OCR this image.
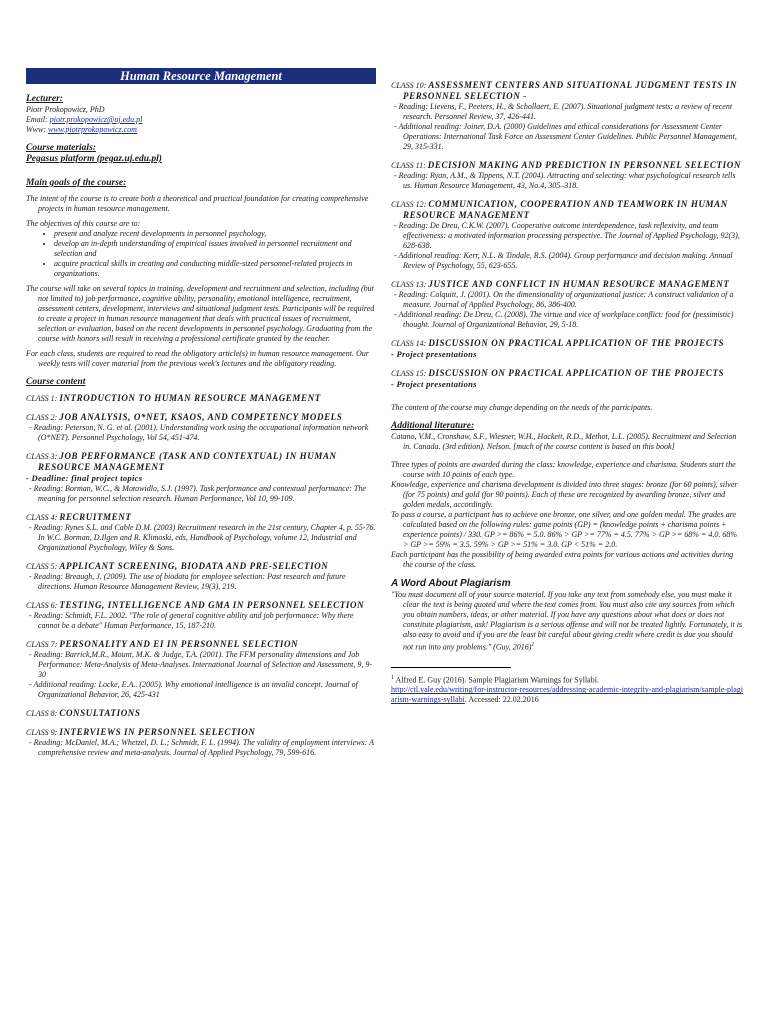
Human Resource Management
Lecturer:
Piotr Prokopowicz, PhD
Email: piotr.prokopowicz@uj.edu.pl
Www: www.piotrprokopowicz.com
Course materials:
Pegasus platform (pegaz.uj.edu.pl)
Main goals of the course:

The intent of the course is to create both a theoretical and practical foundation for creating comprehensive projects in human resource management.

The objectives of this course are to:

• present and analyze recent developments in personnel psychology,
• develop an in-depth understanding of empirical issues involved in personnel recruitment and selection and
• acquire practical skills in creating and conducting middle-sized personnel-related projects in organizations.

The course will take on several topics in training, development and recruitment and selection, including (but not limited to) job performance, cognitive ability, personality, emotional intelligence, recruitment, assessment centers, development, interviews and situational judgment tests. Participants will be required to create a project in human resource management that deals with practical issues of recruitment, selection or evaluation, based on the recent developments in personnel psychology. Graduating from the course with honors will result in receiving a professional certificate granted by the teacher.

For each class, students are required to read the obligatory article(s) in human resource management. Our weekly tests will cover material from the previous week's lectures and the obligatory reading.

Course content
CLASS 1: INTRODUCTION TO HUMAN RESOURCE MANAGEMENT
CLASS 2: JOB ANALYSIS, O*NET, KSAOS, AND COMPETENCY MODELS
- Reading: Peterson, N. G. et al. (2001). Understanding work using the occupational information network (O*NET). Personnel Psychology, Vol 54, 451-474.
CLASS 3: JOB PERFORMANCE (TASK AND CONTEXTUAL) IN HUMAN RESOURCE MANAGEMENT
- Deadline: final project topics
- Reading: Borman, W.C., & Motowidlo, S.J. (1997). Task performance and contextual performance: The meaning for personnel selection research. Human Performance, Vol 10, 99-109.
CLASS 4: RECRUITMENT
- Reading: Rynes S.L. and Cable D.M. (2003) Recruitment research in the 21st century, Chapter 4, p. 55-76. In W.C. Borman, D.Ilgen and R. Klimoski, eds, Handbook of Psychology, volume 12, Industrial and Organizational Psychology, Wiley & Sons.
CLASS 5: APPLICANT SCREENING, BIODATA AND PRE-SELECTION
- Reading: Breaugh, J. (2009). The use of biodata for employee selection: Past research and future directions. Human Resource Management Review, 19(3), 219.
CLASS 6: TESTING, INTELLIGENCE AND GMA IN PERSONNEL SELECTION
- Reading: Schmidt, F.L. 2002. "The role of general cognitive ability and job performance: Why there cannot be a debate" Human Performance, 15, 187-210.
CLASS 7: PERSONALITY AND EI IN PERSONNEL SELECTION
- Reading: Barrick,M.R., Mount, M.K. & Judge, T.A. (2001). The FFM personality dimensions and Job Performance: Meta-Analysis of Meta-Analyses. International Journal of Selection and Assessment, 9, 9-30
- Additional reading: Locke, E.A.. (2005). Why emotional intelligence is an invalid concept. Journal of Organizational Behavior, 26, 425-431
CLASS 8: CONSULTATIONS
CLASS 9: INTERVIEWS IN PERSONNEL SELECTION
- Reading: McDaniel, M.A.; Whetzel, D. L.; Schmidt, F. L. (1994). The validity of employment interviews: A comprehensive review and meta-analysis. Journal of Applied Psychology, 79, 599-616.
CLASS 10: ASSESSMENT CENTERS AND SITUATIONAL JUDGMENT TESTS IN PERSONNEL SELECTION -
- Reading: Lievens, F., Peeters, H., & Schollaert, E. (2007). Situational judgment tests: a review of recent research. Personnel Review, 37, 426-441.
- Additional reading: Joiner, D.A. (2000) Guidelines and ethical considerations for Assessment Center Operations: International Task Force on Assessment Center Guidelines. Public Personnel Management, 29, 315-331.
CLASS 11: DECISION MAKING AND PREDICTION IN PERSONNEL SELECTION
- Reading: Ryan, A.M., & Tippens, N.T. (2004). Attracting and selecting: what psychological research tells us. Human Resource Management, 43, No.4, 305–318.
CLASS 12: COMMUNICATION, COOPERATION AND TEAMWORK IN HUMAN RESOURCE MANAGEMENT
- Reading: De Dreu, C.K.W. (2007). Cooperative outcome interdependence, task reflexivity, and team effectiveness: a motivated information processing perspective. The Journal of Applied Psychology, 92(3), 628-638.
- Additional reading: Kerr, N.L. & Tindale, R.S. (2004). Group performance and decision making. Annual Review of Psychology, 55, 623-655.
CLASS 13: JUSTICE AND CONFLICT IN HUMAN RESOURCE MANAGEMENT
- Reading: Colquitt, J. (2001). On the dimensionality of organizational justice: A construct validation of a measure. Journal of Applied Psychology, 86, 386-400.
- Additional reading: De Dreu, C. (2008). The virtue and vice of workplace conflict: food for (pessimistic) thought. Journal of Organizational Behavior, 29, 5-18.
CLASS 14: DISCUSSION ON PRACTICAL APPLICATION OF THE PROJECTS
- Project presentations
CLASS 15: DISCUSSION ON PRACTICAL APPLICATION OF THE PROJECTS
- Project presentations

The content of the course may change depending on the needs of the participants.

Additional literature:

Catano, V.M., Cronshaw, S.F., Wiesner, W.H., Hackett, R.D., Methot, L.L. (2005). Recruitment and Selection in. Canada. (3rd edition). Nelson. [much of the course content is based on this book]

Three types of points are awarded during the class: knowledge, experience and charisma. Students start the course with 10 points of each type.

Knowledge, experience and charisma development is divided into three stages: bronze (for 60 points), silver (for 75 points) and gold (for 90 points). Each of these are recognized by awarding bronze, silver and golden medals, accordingly.

To pass a course, a participant has to achieve one bronze, one silver, and one golden medal. The grades are calculated based on the following rules: game points (GP) = (knowledge points + charisma points + experience points) / 330. GP >= 86% = 5.0. 86% > GP >= 77% = 4.5. 77% > GP >= 68% = 4.0. 68% > GP >= 59% = 3.5. 59% > GP >= 51% = 3.0. GP < 51% = 2.0.

Each participant has the possibility of being awarded extra points for various actions and activities during the course of the class.

A Word About Plagiarism

"You must document all of your source material. If you take any text from somebody else, you must make it clear the text is being quoted and where the text comes from. You must also cite any sources from which you obtain numbers, ideas, or other material. If you have any questions about what does or does not constitute plagiarism, ask! Plagiarism is a serious offense and will not be treated lightly. Fortunately, it is also easy to avoid and if you are the least bit careful about giving credit where credit is due you should not run into any problems." (Guy, 2016)$^1$

$^1$ Alfred E. Guy (2016). Sample Plagiarism Warnings for Syllabi.
http://ctl.yale.edu/writing/for-instructor-resources/addressing-academic-integrity-and-plagiarism/sample-plagiarism-warnings-syllabi. Accessed: 22.02.2016
